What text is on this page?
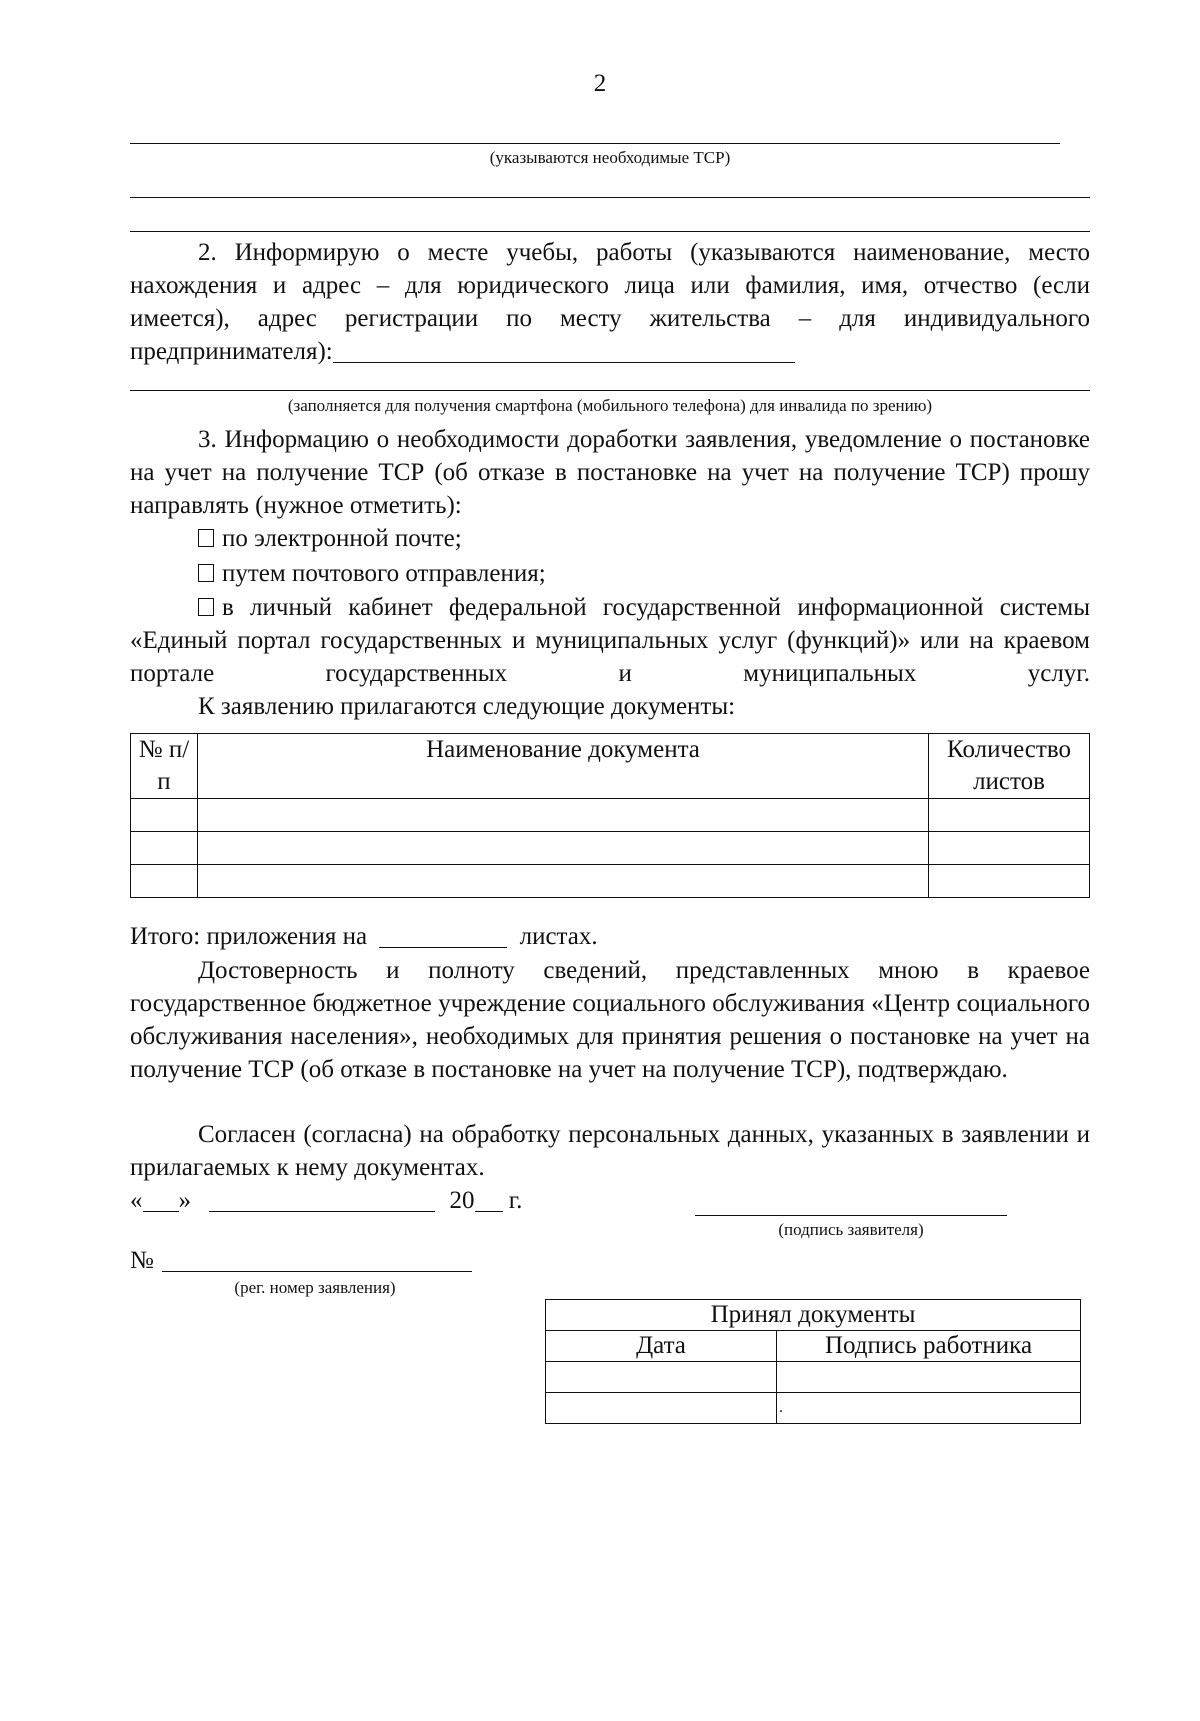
2
(указываются необходимые ТСР)
2. Информирую о месте учебы, работы (указываются наименование, место нахождения и адрес – для юридического лица или фамилия, имя, отчество (если имеется), адрес регистрации по месту жительства – для индивидуального предпринимателя):
(заполняется для получения смартфона (мобильного телефона) для инвалида по зрению)
3. Информацию о необходимости доработки заявления, уведомление о постановке на учет на получение ТСР (об отказе в постановке на учет на получение ТСР) прошу направлять (нужное отметить):
по электронной почте;
путем почтового отправления;
в личный кабинет федеральной государственной информационной системы «Единый портал государственных и муниципальных услуг (функций)» или на краевом портале государственных и муниципальных услуг.
К заявлению прилагаются следующие документы:
№ п/п	Наименование документа	Количество листов

Итого: приложения на	листах.
Достоверность и полноту сведений, представленных мною в краевое государственное бюджетное учреждение социального обслуживания «Центр социального обслуживания населения», необходимых для принятия решения о постановке на учет на получение ТСР (об отказе в постановке на учет на получение ТСР), подтверждаю.
Согласен (согласна) на обработку персональных данных, указанных в заявлении и прилагаемых к нему документах.
« »	20 г.
(подпись заявителя)
№
(рег. номер заявления)
Принял документы	
Дата	Подпись работника

	.
